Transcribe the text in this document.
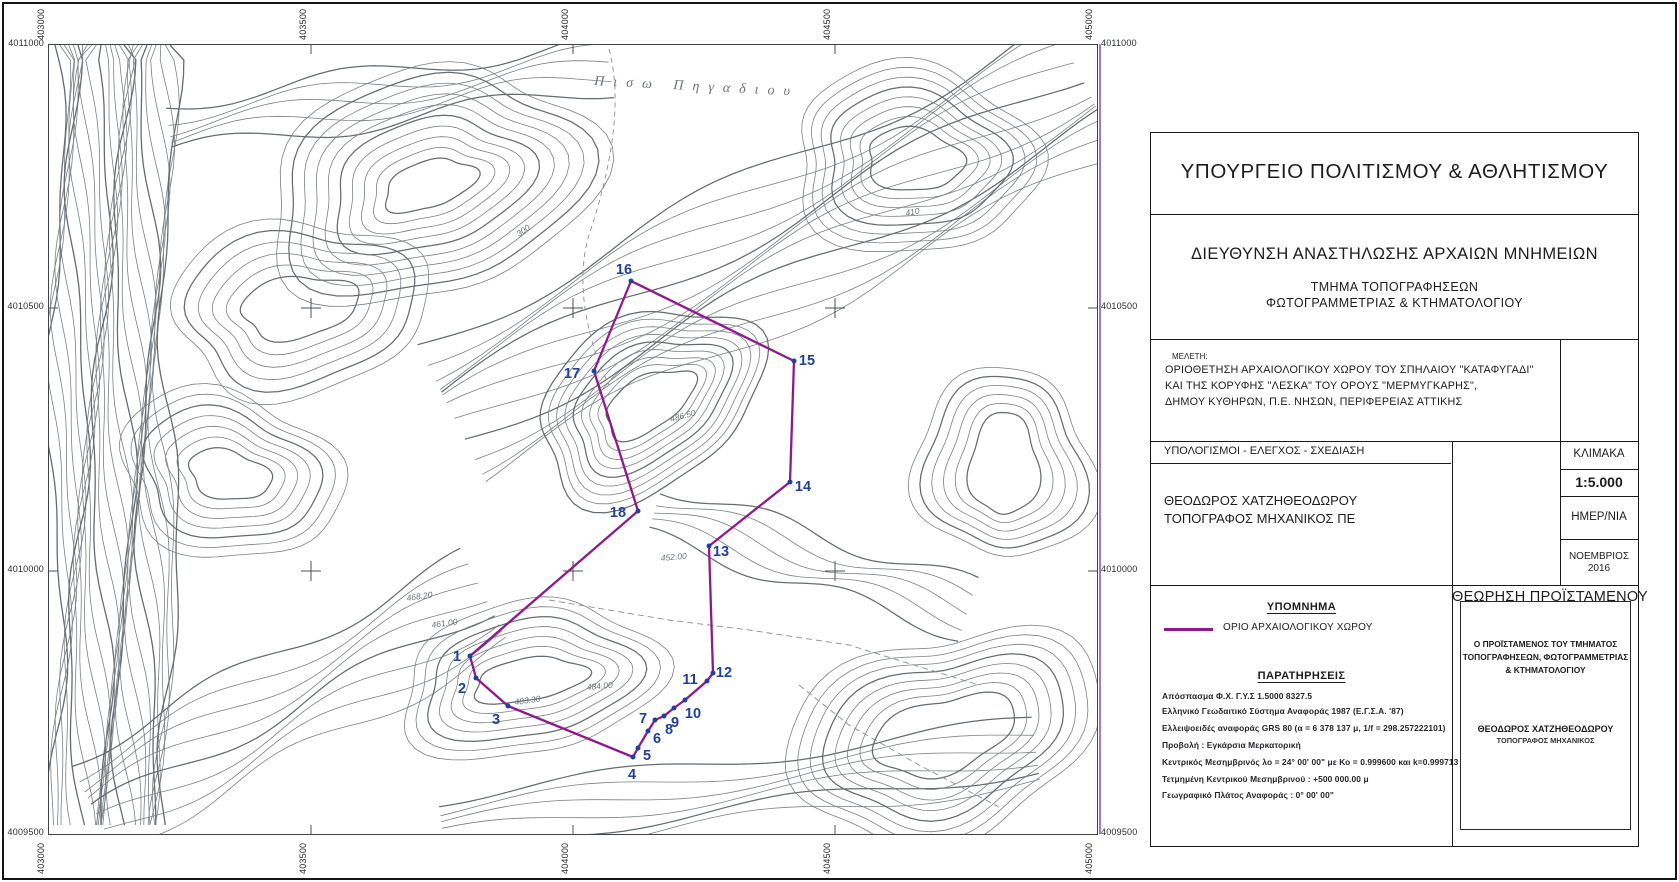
Πισω Πηγαδιου
300
410
486.50
452.00
468.20
461.00
484.00
483.30
1
2
3
4
5
6
7
8
9
10
11 12
13
14
15
16
17
18
403000
403000
403500
403500
404000
404000
404500
404500
405000
405000
4011000	4011000
4010500	4010500
4010000	4010000
4009500	4009500
ΥΠΟΥΡΓΕΙΟ ΠΟΛΙΤΙΣΜΟΥ & ΑΘΛΗΤΙΣΜΟΥ
ΔΙΕΥΘΥΝΣΗ ΑΝΑΣΤΗΛΩΣΗΣ ΑΡΧΑΙΩΝ ΜΝΗΜΕΙΩΝ
ΤΜΗΜΑ ΤΟΠΟΓΡΑΦΗΣΕΩΝ
ΦΩΤΟΓΡΑΜΜΕΤΡΙΑΣ & ΚΤΗΜΑΤΟΛΟΓΙΟΥ
ΜΕΛΕΤΗ:
ΟΡΙΟΘΕΤΗΣΗ ΑΡΧΑΙΟΛΟΓΙΚΟΥ ΧΩΡΟΥ ΤΟΥ ΣΠΗΛΑΙΟΥ "ΚΑΤΑΦΥΓΑΔΙ"
ΚΑΙ ΤΗΣ ΚΟΡΥΦΗΣ "ΛΕΣΚΑ" ΤΟΥ ΟΡΟΥΣ "ΜΕΡΜΥΓΚΑΡΗΣ",
ΔΗΜΟΥ ΚΥΘΗΡΩΝ, Π.Ε. ΝΗΣΩΝ, ΠΕΡΙΦΕΡΕΙΑΣ ΑΤΤΙΚΗΣ
ΥΠΟΛΟΓΙΣΜΟΙ - ΕΛΕΓΧΟΣ - ΣΧΕΔΙΑΣΗ
ΘΕΟΔΩΡΟΣ ΧΑΤΖΗΘΕΟΔΩΡΟΥ
ΤΟΠΟΓΡΑΦΟΣ ΜΗΧΑΝΙΚΟΣ ΠΕ
ΚΛΙΜΑΚΑ
1:5.000
ΗΜΕΡ/ΝΙΑ
ΝΟΕΜΒΡΙΟΣ
2016
ΥΠΟΜΝΗΜΑ
ΟΡΙΟ ΑΡΧΑΙΟΛΟΓΙΚΟΥ ΧΩΡΟΥ
ΠΑΡΑΤΗΡΗΣΕΙΣ
Απόσπασμα Φ.Χ. Γ.Υ.Σ 1.5000 8327.5
Ελληνικό Γεωδαιτικό Σύστημα Αναφοράς 1987 (Ε.Γ.Σ.Α. '87)
Ελλειψοειδές αναφοράς GRS 80 (α = 6 378 137 μ, 1/f = 298.257222101)
Προβολή : Εγκάρσια Μερκατορική
Κεντρικός Μεσημβρινός λο = 24° 00' 00" με Κο = 0.999600 και k=0.999713
Τετμημένη Κεντρικού Μεσημβρινού : +500 000.00 μ
Γεωγραφικό Πλάτος Αναφοράς : 0° 00' 00"
ΘΕΩΡΗΣΗ ΠΡΟΪΣΤΑΜΕΝΟΥ
Ο ΠΡΟΪΣΤΑΜΕΝΟΣ ΤΟΥ ΤΜΗΜΑΤΟΣ
ΤΟΠΟΓΡΑΦΗΣΕΩΝ, ΦΩΤΟΓΡΑΜΜΕΤΡΙΑΣ
& ΚΤΗΜΑΤΟΛΟΓΙΟΥ
ΘΕΟΔΩΡΟΣ ΧΑΤΖΗΘΕΟΔΩΡΟΥ
ΤΟΠΟΓΡΑΦΟΣ ΜΗΧΑΝΙΚΟΣ
